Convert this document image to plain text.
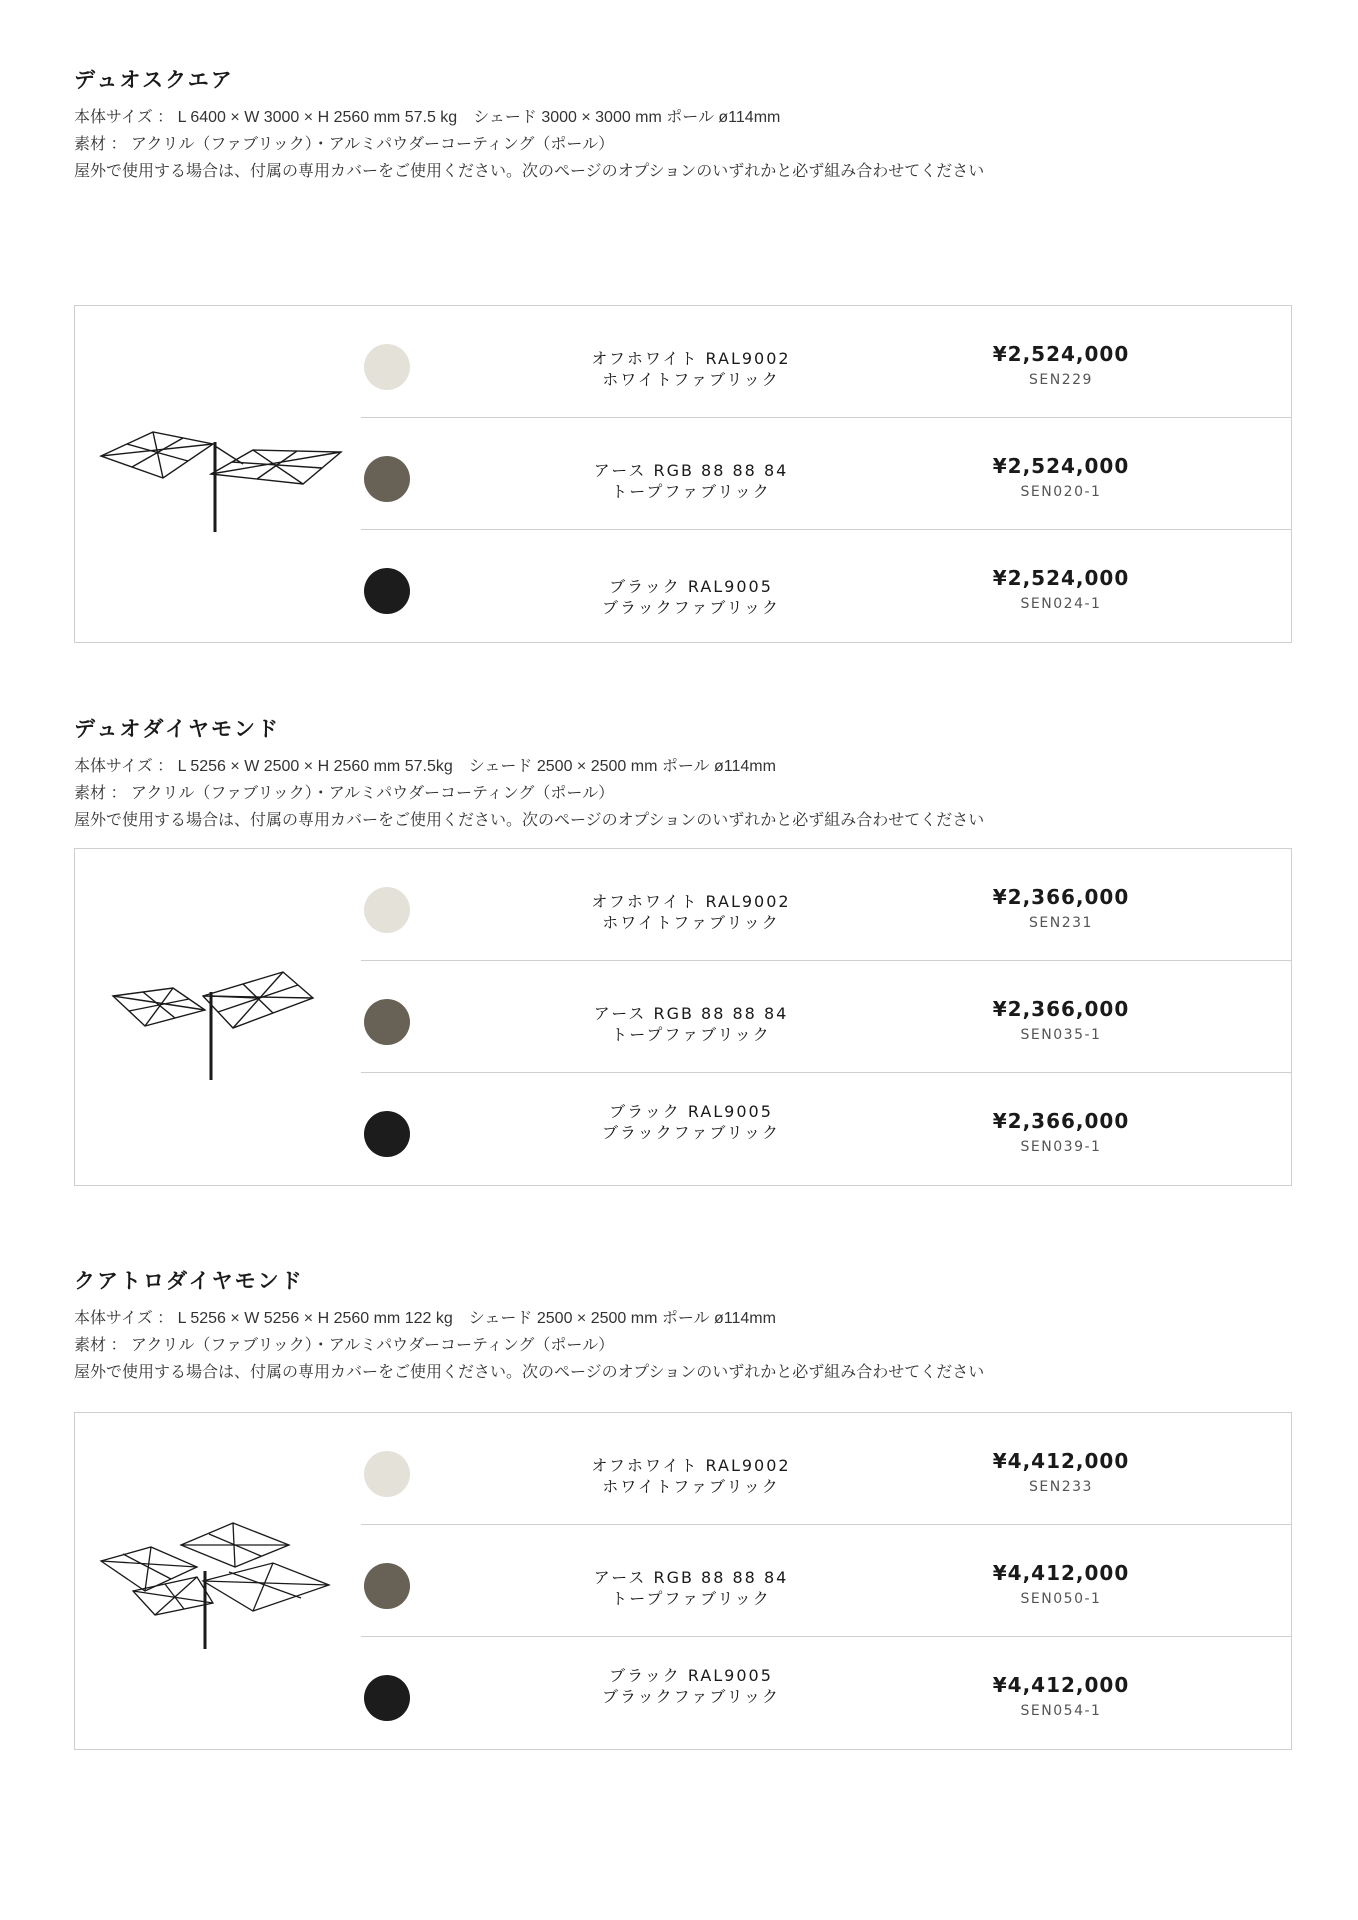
デュオスクエア
本体サイズ ： L 6400 × W 3000 × H 2560 mm 57.5 kg　シェード 3000 × 3000 mm ポール ø114mm
素材 ： アクリル（ファブリック）・アルミパウダーコーティング（ポール）
屋外で使用する場合は、付属の専用カバーをご使用ください。次のページのオプションのいずれかと必ず組み合わせてください
オフホワイト RAL9002
ホワイトファブリック
¥2,524,000
SEN229
アース RGB 88 88 84
トープファブリック
¥2,524,000
SEN020-1
ブラック RAL9005
ブラックファブリック
¥2,524,000
SEN024-1
デュオダイヤモンド
本体サイズ ： L 5256 × W 2500 × H 2560 mm 57.5kg　シェード 2500 × 2500 mm ポール ø114mm
素材 ： アクリル（ファブリック）・アルミパウダーコーティング（ポール）
屋外で使用する場合は、付属の専用カバーをご使用ください。次のページのオプションのいずれかと必ず組み合わせてください
オフホワイト RAL9002
ホワイトファブリック
¥2,366,000
SEN231
アース RGB 88 88 84
トープファブリック
¥2,366,000
SEN035-1
ブラック RAL9005
ブラックファブリック	¥2,366,000
SEN039-1
クアトロダイヤモンド
本体サイズ ： L 5256 × W 5256 × H 2560 mm 122 kg　シェード 2500 × 2500 mm ポール ø114mm
素材 ： アクリル（ファブリック）・アルミパウダーコーティング（ポール）
屋外で使用する場合は、付属の専用カバーをご使用ください。次のページのオプションのいずれかと必ず組み合わせてください
オフホワイト RAL9002
ホワイトファブリック
¥4,412,000
SEN233
アース RGB 88 88 84
トープファブリック
¥4,412,000
SEN050-1
ブラック RAL9005
ブラックファブリック	¥4,412,000
SEN054-1
